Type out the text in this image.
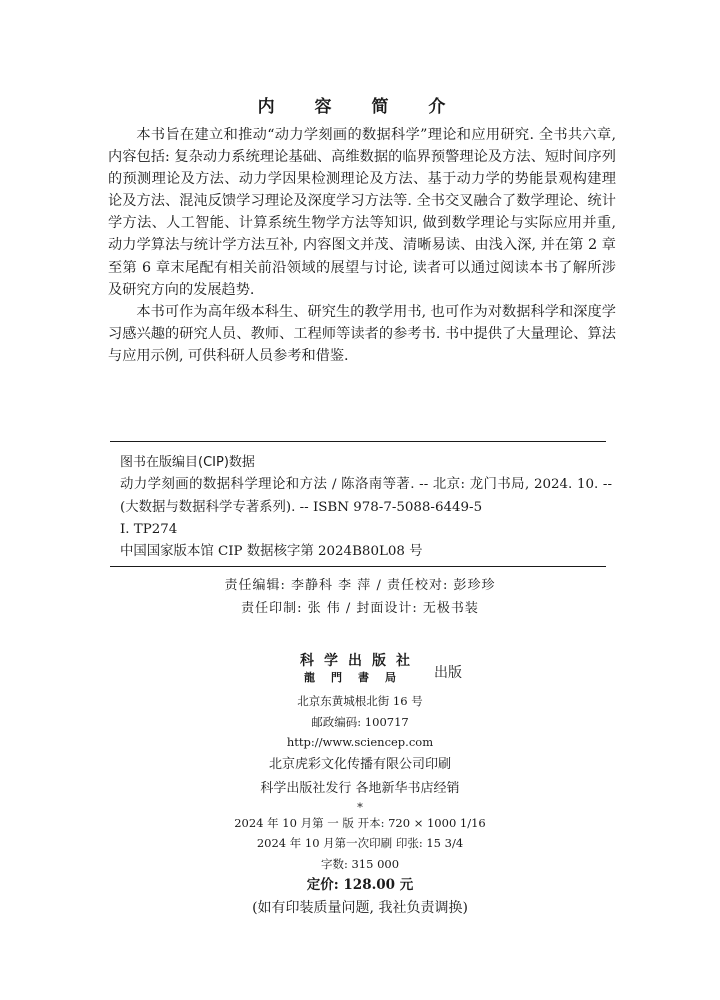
内 容 简 介

本书旨在建立和推动“动力学刻画的数据科学”理论和应用研究. 全书共六章, 内容包括: 复杂动力系统理论基础、高维数据的临界预警理论及方法、短时间序列的预测理论及方法、动力学因果检测理论及方法、基于动力学的势能景观构建理论及方法、混沌反馈学习理论及深度学习方法等. 全书交叉融合了数学理论、统计学方法、人工智能、计算系统生物学方法等知识, 做到数学理论与实际应用并重, 动力学算法与统计学方法互补, 内容图文并茂、清晰易读、由浅入深, 并在第 2 章至第 6 章末尾配有相关前沿领域的展望与讨论, 读者可以通过阅读本书了解所涉及研究方向的发展趋势.

本书可作为高年级本科生、研究生的教学用书, 也可作为对数据科学和深度学习感兴趣的研究人员、教师、工程师等读者的参考书. 书中提供了大量理论、算法与应用示例, 可供科研人员参考和借鉴.

图书在版编目(CIP)数据

动力学刻画的数据科学理论和方法 / 陈洛南等著. -- 北京: 龙门书局, 2024. 10. -- (大数据与数据科学专著系列). -- ISBN 978-7-5088-6449-5

Ⅰ. TP274
中国国家版本馆 CIP 数据核字第 2024B80L08 号
责任编辑: 李静科 李 萍 / 责任校对: 彭珍珍
责任印制: 张 伟 / 封面设计: 无极书装
科学出版社
龍門書局	出版
北京东黄城根北街 16 号
邮政编码: 100717
http://www.sciencep.com
北京虎彩文化传播有限公司印刷
科学出版社发行 各地新华书店经销
*
2024 年 10 月第 一 版 开本: 720 × 1000 1/16
2024 年 10 月第一次印刷 印张: 15 3/4
字数: 315 000
定价: 128.00 元
(如有印装质量问题, 我社负责调换)
